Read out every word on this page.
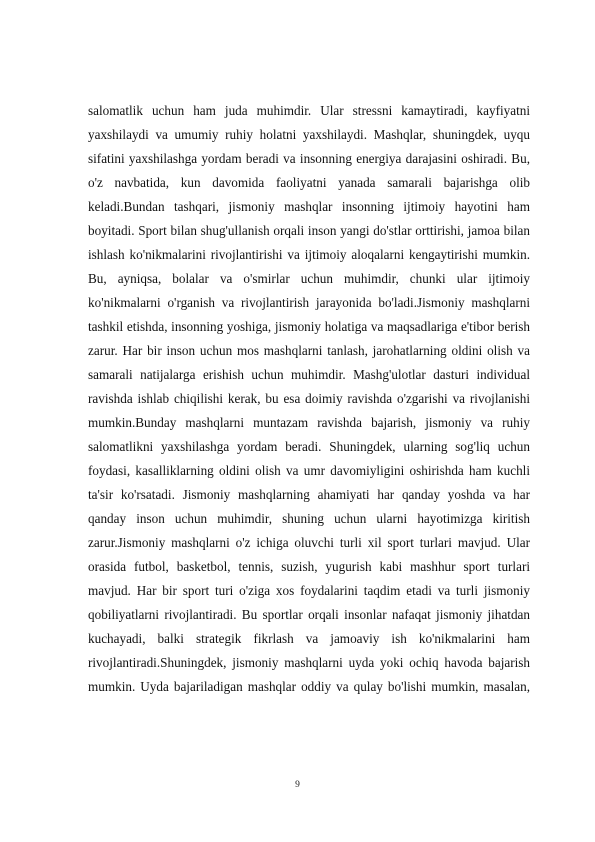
salomatlik uchun ham juda muhimdir. Ular stressni kamaytiradi, kayfiyatni yaxshilaydi va umumiy ruhiy holatni yaxshilaydi. Mashqlar, shuningdek, uyqu sifatini yaxshilashga yordam beradi va insonning energiya darajasini oshiradi. Bu, o'z navbatida, kun davomida faoliyatni yanada samarali bajarishga olib keladi.Bundan tashqari, jismoniy mashqlar insonning ijtimoiy hayotini ham boyitadi. Sport bilan shug'ullanish orqali inson yangi do'stlar orttirishi, jamoa bilan ishlash ko'nikmalarini rivojlantirishi va ijtimoiy aloqalarni kengaytirishi mumkin. Bu, ayniqsa, bolalar va o'smirlar uchun muhimdir, chunki ular ijtimoiy ko'nikmalarni o'rganish va rivojlantirish jarayonida bo'ladi.Jismoniy mashqlarni tashkil etishda, insonning yoshiga, jismoniy holatiga va maqsadlariga e'tibor berish zarur. Har bir inson uchun mos mashqlarni tanlash, jarohatlarning oldini olish va samarali natijalarga erishish uchun muhimdir. Mashg'ulotlar dasturi individual ravishda ishlab chiqilishi kerak, bu esa doimiy ravishda o'zgarishi va rivojlanishi mumkin.Bunday mashqlarni muntazam ravishda bajarish, jismoniy va ruhiy salomatlikni yaxshilashga yordam beradi. Shuningdek, ularning sog'liq uchun foydasi, kasalliklarning oldini olish va umr davomiyligini oshirishda ham kuchli ta'sir ko'rsatadi. Jismoniy mashqlarning ahamiyati har qanday yoshda va har qanday inson uchun muhimdir, shuning uchun ularni hayotimizga kiritish zarur.Jismoniy mashqlarni o'z ichiga oluvchi turli xil sport turlari mavjud. Ular orasida futbol, basketbol, tennis, suzish, yugurish kabi mashhur sport turlari mavjud. Har bir sport turi o'ziga xos foydalarini taqdim etadi va turli jismoniy qobiliyatlarni rivojlantiradi. Bu sportlar orqali insonlar nafaqat jismoniy jihatdan kuchayadi, balki strategik fikrlash va jamoaviy ish ko'nikmalarini ham rivojlantiradi.Shuningdek, jismoniy mashqlarni uyda yoki ochiq havoda bajarish mumkin. Uyda bajariladigan mashqlar oddiy va qulay bo'lishi mumkin, masalan,

9
